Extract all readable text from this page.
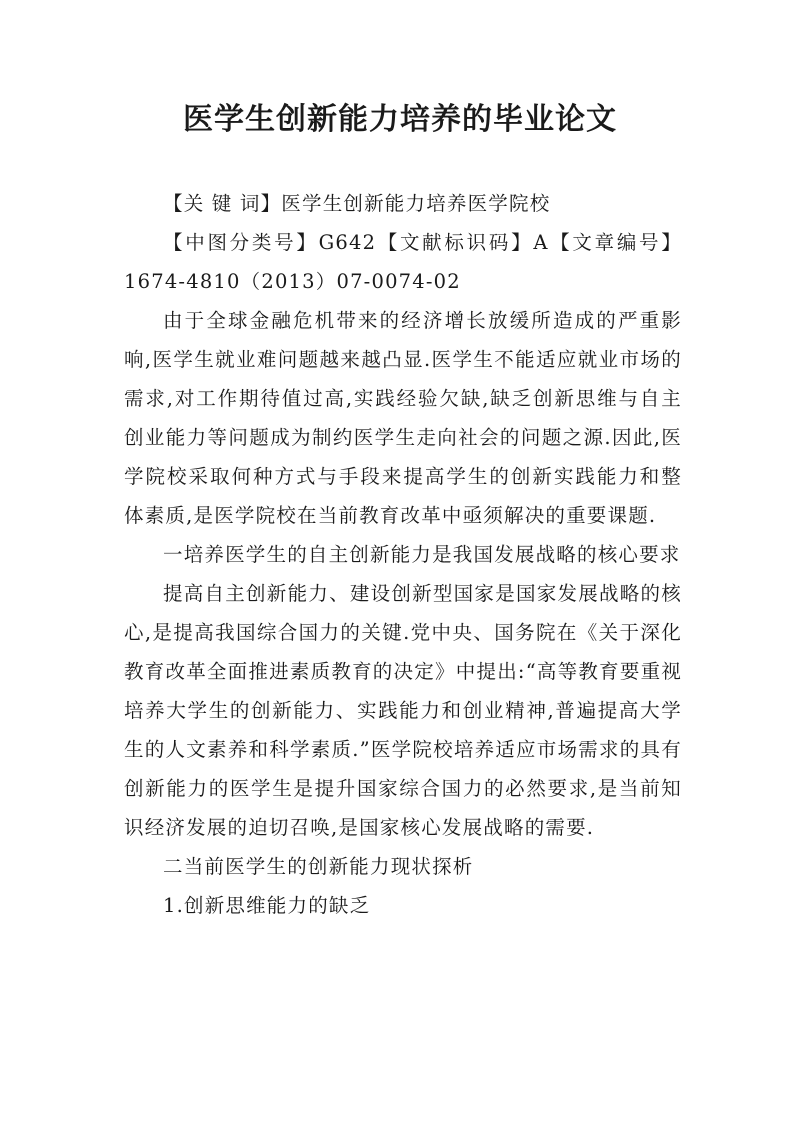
医学生创新能力培养的毕业论文

【关 键 词】医学生创新能力培养医学院校

【中图分类号】G642【文献标识码】A【文章编号】1674-4810（2013）07-0074-02

由于全球金融危机带来的经济增长放缓所造成的严重影响,医学生就业难问题越来越凸显.医学生不能适应就业市场的需求,对工作期待值过高,实践经验欠缺,缺乏创新思维与自主创业能力等问题成为制约医学生走向社会的问题之源.因此,医学院校采取何种方式与手段来提高学生的创新实践能力和整体素质,是医学院校在当前教育改革中亟须解决的重要课题.

一培养医学生的自主创新能力是我国发展战略的核心要求

提高自主创新能力、建设创新型国家是国家发展战略的核心,是提高我国综合国力的关键.党中央、国务院在《关于深化教育改革全面推进素质教育的决定》中提出:“高等教育要重视培养大学生的创新能力、实践能力和创业精神,普遍提高大学生的人文素养和科学素质.”医学院校培养适应市场需求的具有创新能力的医学生是提升国家综合国力的必然要求,是当前知识经济发展的迫切召唤,是国家核心发展战略的需要.

二当前医学生的创新能力现状探析

1.创新思维能力的缺乏
